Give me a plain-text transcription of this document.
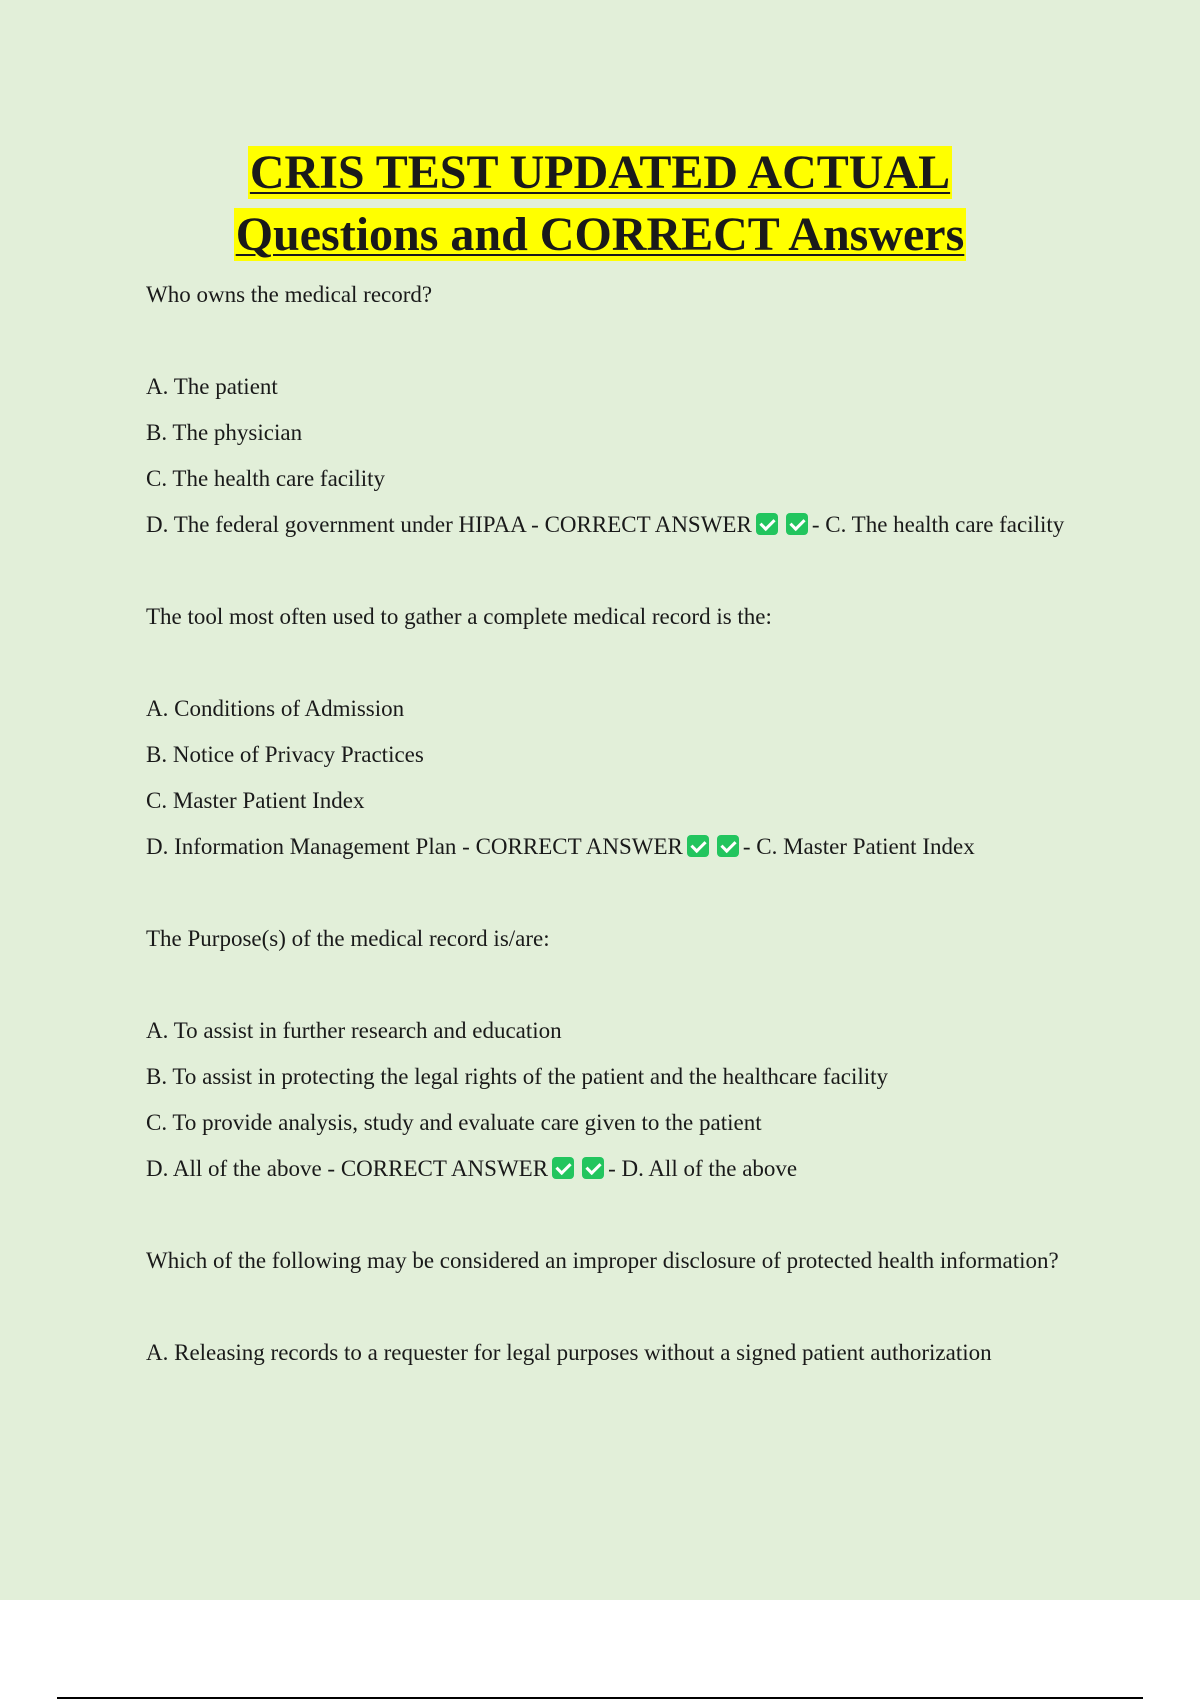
CRIS TEST UPDATED ACTUAL
Questions and CORRECT Answers
Who owns the medical record?
A. The patient
B. The physician
C. The health care facility
D. The federal government under HIPAA - CORRECT ANSWER	- C. The health care facility
The tool most often used to gather a complete medical record is the:
A. Conditions of Admission
B. Notice of Privacy Practices
C. Master Patient Index
D. Information Management Plan - CORRECT ANSWER	- C. Master Patient Index
The Purpose(s) of the medical record is/are:
A. To assist in further research and education
B. To assist in protecting the legal rights of the patient and the healthcare facility
C. To provide analysis, study and evaluate care given to the patient
D. All of the above - CORRECT ANSWER	- D. All of the above
Which of the following may be considered an improper disclosure of protected health information?
A. Releasing records to a requester for legal purposes without a signed patient authorization
